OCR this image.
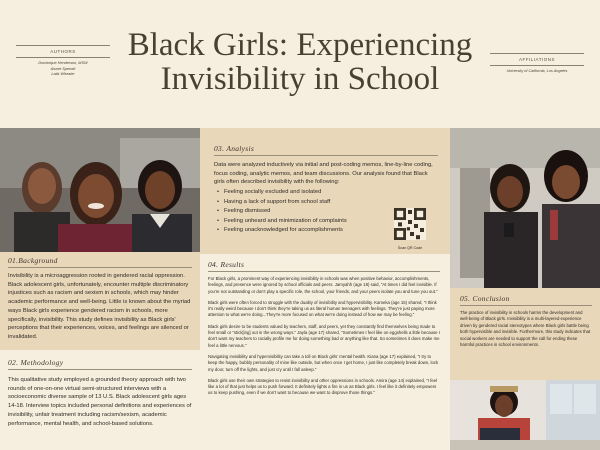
AUTHORS
Dominique Henderson, MSW
Aisnet Sperotti
Laila Whealer
Black Girls: Experiencing Invisibility in School
AFFILIATIONS
University of California, Los Angeles
01.Background
Invisibility is a microaggression rooted in gendered racial oppression. Black adolescent girls, unfortunately, encounter multiple discriminatory injustices such as racism and sexism in schools, which may hinder academic performance and well-being. Little is known about the myriad ways Black girls experience gendered racism in schools, more specifically, invisibility. This study defines invisibility as Black girls' perceptions that their experiences, voices, and feelings are silenced or invalidated.
02. Methodology
This qualitative study employed a grounded theory approach with two rounds of one-on-one virtual semi-structured interviews with a socioeconomic diverse sample of 13 U.S. Black adolescent girls ages 14-18. Interview topics included personal definitions and experiences of invisibility, unfair treatment including racism/sexism, academic performance, mental health, and school-based solutions.
03. Analysis
Data were analyzed inductively via initial and post-coding memos, line-by-line coding, focus coding, analytic memos, and team discussions. Our analysis found that Black girls often described invisibility with the following:
• Feeling socially excluded and isolated
• Having a lack of support from school staff
• Feeling dismissed
• Feeling unheard and minimization of complaints
• Feeling unacknowledged for accomplishments
Scan QR Code
04. Results
For Black girls, a prominent way of experiencing invisibility in schools was when positive behavior, accomplishments, feelings, and presence were ignored by school officials and peers. Jamyahh (age 18) said, "At times I did feel invisible. If you're not outstanding or don't play a specific role, the school, your friends, and your peers isolate you and tune you out."
Black girls were often forced to struggle with the duality of invisibility and hypervisibility. Kameka (age 15) shared, "I think it's really weird because I don't think they're taking us as literal human teenagers with feelings. They're just paying more attention to what we're doing...They're more focused on what we're doing instead of how we may be feeling."
Black girls desire to be students valued by teachers, staff, and peers, yet they constantly find themselves being made to feel small or "stick[ing] out in the wrong ways." Jayla (age 17) shared, "Sometimes I feel like on eggshells a little because I don't want my teachers to racially profile me for doing something bad or anything like that. So sometimes it does make me feel a little nervous."
Navigating invisibility and hypervisibility can take a toll on Black girls' mental health. Kiana (age 17) explained, "I try to keep the happy, bubbly personality of mine like outside, but when once I get home, I just like completely break down, lock my door, turn off the lights, and just cry until I fall asleep."
Black girls use their own strategies to resist invisibility and other oppressions in schools. Amira (age 14) explained, "I feel like a lot of that just helps us to push forward. It definitely lights a fire in us as Black girls. I feel like it definitely empowers us to keep pushing, even if we don't want to because we want to disprove those things."
05. Conclusion
The practice of invisibility in schools harms the development and well-being of Black girls. Invisibility is a multi-layered experience driven by gendered racial stereotypes where Black girls battle being both hypervisible and invisible. Furthermore, this study indicates that social workers are needed to support the call for ending these harmful practices in school environments.
